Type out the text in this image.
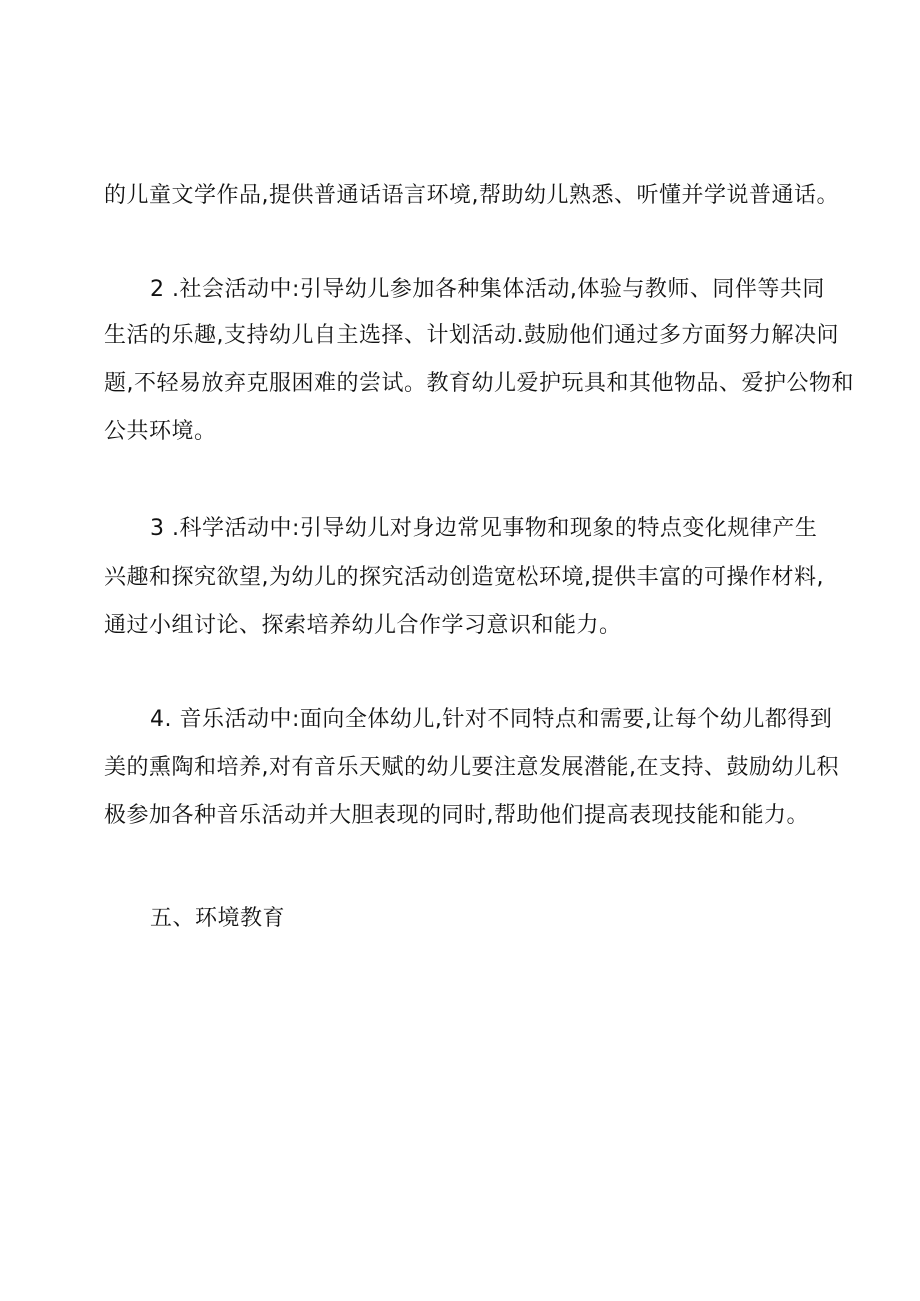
的儿童文学作品,提供普通话语言环境,帮助幼儿熟悉、听懂并学说普通话。
2 .社会活动中:引导幼儿参加各种集体活动,体验与教师、同伴等共同
生活的乐趣,支持幼儿自主选择、计划活动.鼓励他们通过多方面努力解决问
题,不轻易放弃克服困难的尝试。教育幼儿爱护玩具和其他物品、爱护公物和
公共环境。
3 .科学活动中:引导幼儿对身边常见事物和现象的特点变化规律产生
兴趣和探究欲望,为幼儿的探究活动创造宽松环境,提供丰富的可操作材料,
通过小组讨论、探索培养幼儿合作学习意识和能力。
4. 音乐活动中:面向全体幼儿,针对不同特点和需要,让每个幼儿都得到
美的熏陶和培养,对有音乐天赋的幼儿要注意发展潜能,在支持、鼓励幼儿积
极参加各种音乐活动并大胆表现的同时,帮助他们提高表现技能和能力。
五、环境教育
